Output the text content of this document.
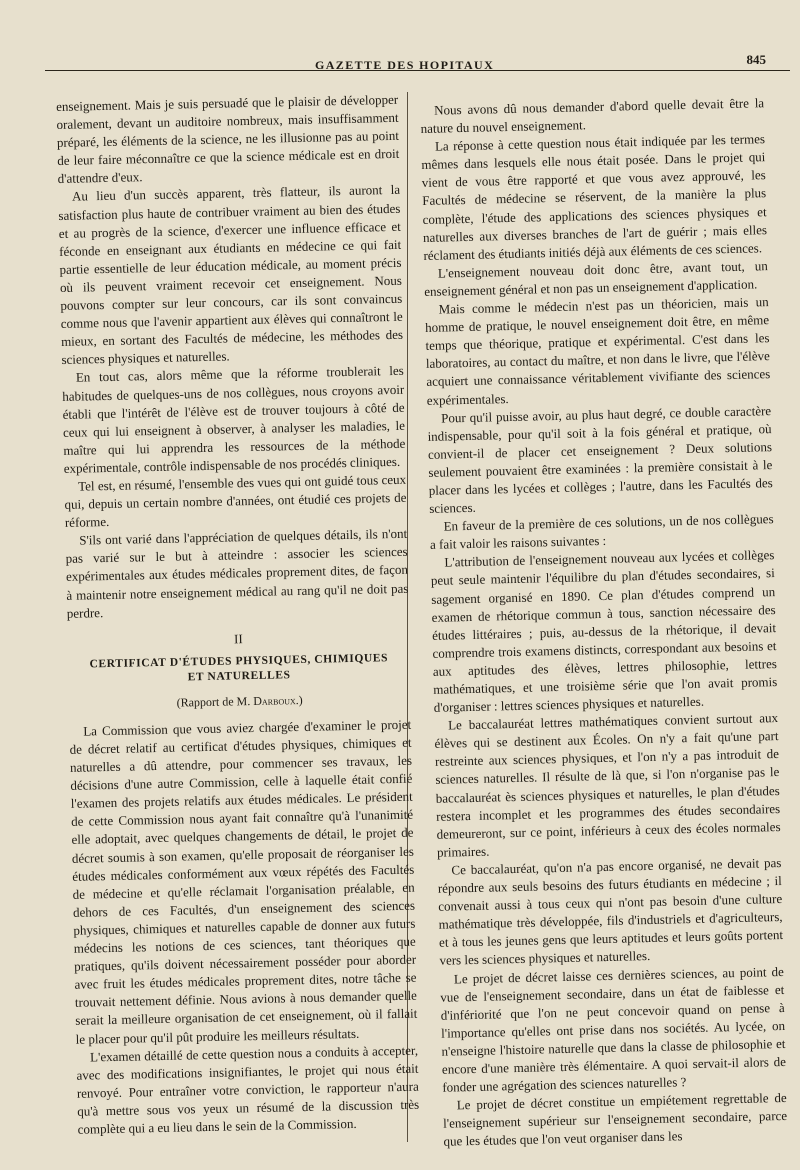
GAZETTE DES HOPITAUX	845

enseignement. Mais je suis persuadé que le plaisir de développer oralement, devant un auditoire nombreux, mais insuffisamment préparé, les éléments de la science, ne les illusionne pas au point de leur faire méconnaître ce que la science médicale est en droit d'attendre d'eux.

Au lieu d'un succès apparent, très flatteur, ils auront la satisfaction plus haute de contribuer vraiment au bien des études et au progrès de la science, d'exercer une influence efficace et féconde en enseignant aux étudiants en médecine ce qui fait partie essentielle de leur éducation médicale, au moment précis où ils peuvent vraiment recevoir cet enseignement. Nous pouvons compter sur leur concours, car ils sont convaincus comme nous que l'avenir appartient aux élèves qui connaîtront le mieux, en sortant des Facultés de médecine, les méthodes des sciences physiques et naturelles.

En tout cas, alors même que la réforme troublerait les habitudes de quelques-uns de nos collègues, nous croyons avoir établi que l'intérêt de l'élève est de trouver toujours à côté de ceux qui lui enseignent à observer, à analyser les maladies, le maître qui lui apprendra les ressources de la méthode expérimentale, contrôle indispensable de nos procédés cliniques.

Tel est, en résumé, l'ensemble des vues qui ont guidé tous ceux qui, depuis un certain nombre d'années, ont étudié ces projets de réforme.

S'ils ont varié dans l'appréciation de quelques détails, ils n'ont pas varié sur le but à atteindre : associer les sciences expérimentales aux études médicales proprement dites, de façon à maintenir notre enseignement médical au rang qu'il ne doit pas perdre.

II
CERTIFICAT D'ÉTUDES PHYSIQUES, CHIMIQUES
ET NATURELLES
(Rapport de M. Darboux.)

La Commission que vous aviez chargée d'examiner le projet de décret relatif au certificat d'études physiques, chimiques et naturelles a dû attendre, pour commencer ses travaux, les décisions d'une autre Commission, celle à laquelle était confié l'examen des projets relatifs aux études médicales. Le président de cette Commission nous ayant fait connaître qu'à l'unanimité elle adoptait, avec quelques changements de détail, le projet de décret soumis à son examen, qu'elle proposait de réorganiser les études médicales conformément aux vœux répétés des Facultés de médecine et qu'elle réclamait l'organisation préalable, en dehors de ces Facultés, d'un enseignement des sciences physiques, chimiques et naturelles capable de donner aux futurs médecins les notions de ces sciences, tant théoriques que pratiques, qu'ils doivent nécessairement posséder pour aborder avec fruit les études médicales proprement dites, notre tâche se trouvait nettement définie. Nous avions à nous demander quelle serait la meilleure organisation de cet enseignement, où il fallait le placer pour qu'il pût produire les meilleurs résultats.

L'examen détaillé de cette question nous a conduits à accepter, avec des modifications insignifiantes, le projet qui nous était renvoyé. Pour entraîner votre conviction, le rapporteur n'aura qu'à mettre sous vos yeux un résumé de la discussion très complète qui a eu lieu dans le sein de la Commission.

Nous avons dû nous demander d'abord quelle devait être la nature du nouvel enseignement.

La réponse à cette question nous était indiquée par les termes mêmes dans lesquels elle nous était posée. Dans le projet qui vient de vous être rapporté et que vous avez approuvé, les Facultés de médecine se réservent, de la manière la plus complète, l'étude des applications des sciences physiques et naturelles aux diverses branches de l'art de guérir ; mais elles réclament des étudiants initiés déjà aux éléments de ces sciences.

L'enseignement nouveau doit donc être, avant tout, un enseignement général et non pas un enseignement d'application.

Mais comme le médecin n'est pas un théoricien, mais un homme de pratique, le nouvel enseignement doit être, en même temps que théorique, pratique et expérimental. C'est dans les laboratoires, au contact du maître, et non dans le livre, que l'élève acquiert une connaissance véritablement vivifiante des sciences expérimentales.

Pour qu'il puisse avoir, au plus haut degré, ce double caractère indispensable, pour qu'il soit à la fois général et pratique, où convient-il de placer cet enseignement ? Deux solutions seulement pouvaient être examinées : la première consistait à le placer dans les lycées et collèges ; l'autre, dans les Facultés des sciences.

En faveur de la première de ces solutions, un de nos collègues a fait valoir les raisons suivantes :

L'attribution de l'enseignement nouveau aux lycées et collèges peut seule maintenir l'équilibre du plan d'études secondaires, si sagement organisé en 1890. Ce plan d'études comprend un examen de rhétorique commun à tous, sanction nécessaire des études littéraires ; puis, au-dessus de la rhétorique, il devait comprendre trois examens distincts, correspondant aux besoins et aux aptitudes des élèves, lettres philosophie, lettres mathématiques, et une troisième série que l'on avait promis d'organiser : lettres sciences physiques et naturelles.

Le baccalauréat lettres mathématiques convient surtout aux élèves qui se destinent aux Écoles. On n'y a fait qu'une part restreinte aux sciences physiques, et l'on n'y a pas introduit de sciences naturelles. Il résulte de là que, si l'on n'organise pas le baccalauréat ès sciences physiques et naturelles, le plan d'études restera incomplet et les programmes des études secondaires demeureront, sur ce point, inférieurs à ceux des écoles normales primaires.

Ce baccalauréat, qu'on n'a pas encore organisé, ne devait pas répondre aux seuls besoins des futurs étudiants en médecine ; il convenait aussi à tous ceux qui n'ont pas besoin d'une culture mathématique très développée, fils d'industriels et d'agriculteurs, et à tous les jeunes gens que leurs aptitudes et leurs goûts portent vers les sciences physiques et naturelles.

Le projet de décret laisse ces dernières sciences, au point de vue de l'enseignement secondaire, dans un état de faiblesse et d'infériorité que l'on ne peut concevoir quand on pense à l'importance qu'elles ont prise dans nos sociétés. Au lycée, on n'enseigne l'histoire naturelle que dans la classe de philosophie et encore d'une manière très élémentaire. A quoi servait-il alors de fonder une agrégation des sciences naturelles ?

Le projet de décret constitue un empiétement regrettable de l'enseignement supérieur sur l'enseignement secondaire, parce que les études que l'on veut organiser dans les
